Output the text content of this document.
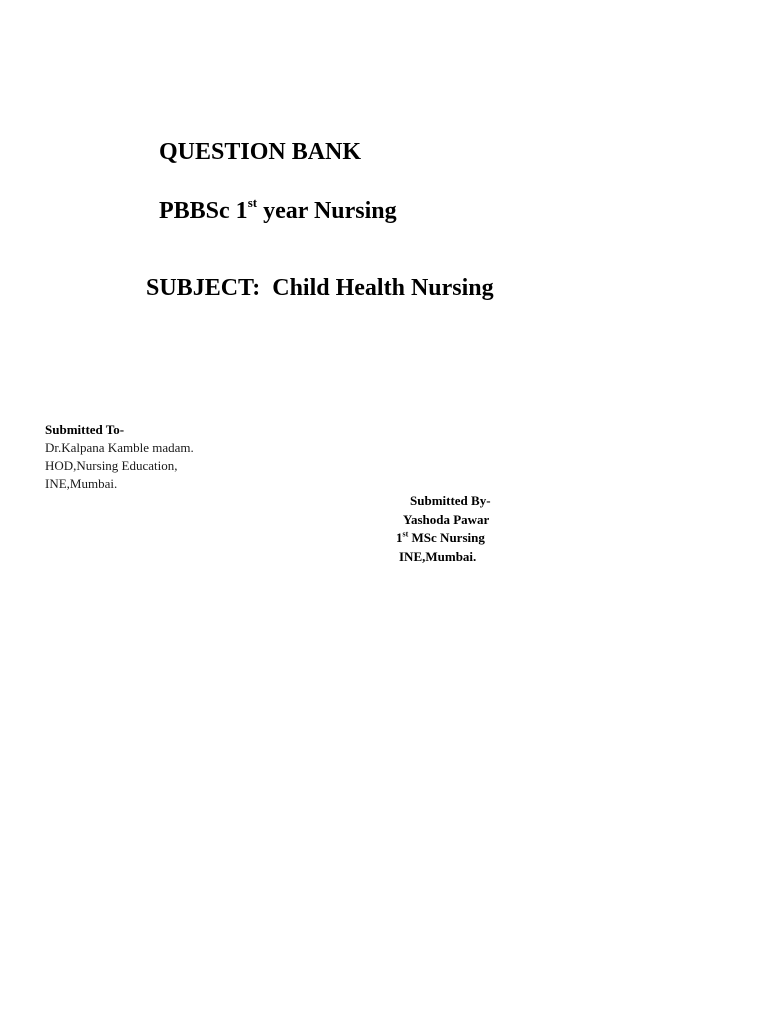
QUESTION BANK
PBBSc 1st year Nursing
SUBJECT:  Child Health Nursing
Submitted To-
Dr.Kalpana Kamble madam.
HOD,Nursing Education,
INE,Mumbai.
Submitted By-
Yashoda Pawar
1st MSc Nursing
INE,Mumbai.
